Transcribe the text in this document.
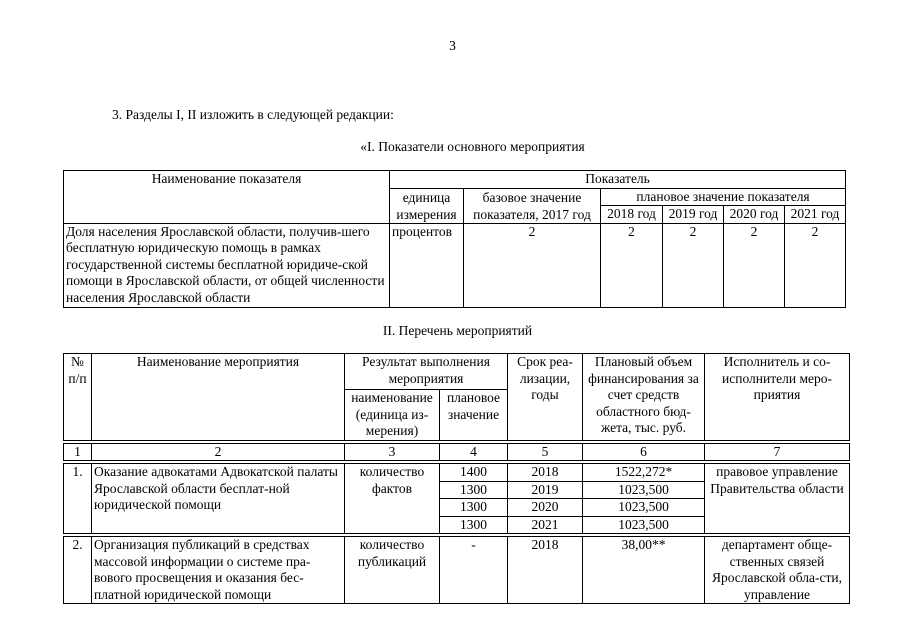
3
3. Разделы I, II изложить в следующей редакции:
«I. Показатели основного мероприятия
Наименование показателя	Показатель					
	единица измерения	базовое значение показателя, 2017 год	плановое значение показателя			
			2018 год	2019 год	2020 год	2021 год
Доля населения Ярославской области, получив-шего бесплатную юридическую помощь в рамках государственной системы бесплатной юридиче-ской помощи в Ярославской области, от общей численности населения Ярославской области	процентов	2	2	2	2	2
II. Перечень мероприятий
№ п/п	Наименование мероприятия	Результат выполнения мероприятия		Срок реа-лизации, годы	Плановый объем финансирования за счет средств областного бюд-жета, тыс. руб.	Исполнитель и со-исполнители меро-приятия
		наименование (единица из-мерения)	плановое значение			

1	2	3	4	5	6	7

1.	Оказание адвокатами Адвокатской палаты Ярославской области бесплат-ной юридической помощи	количество фактов	1400	2018	1522,272*	правовое управление Правительства области
			1300	2019	1023,500	
			1300	2020	1023,500	
			1300	2021	1023,500	

2.	Организация публикаций в средствах массовой информации о системе пра-вового просвещения и оказания бес-платной юридической помощи	количество публикаций	-	2018	38,00**	департамент обще-ственных связей Ярославской обла-сти, управление
